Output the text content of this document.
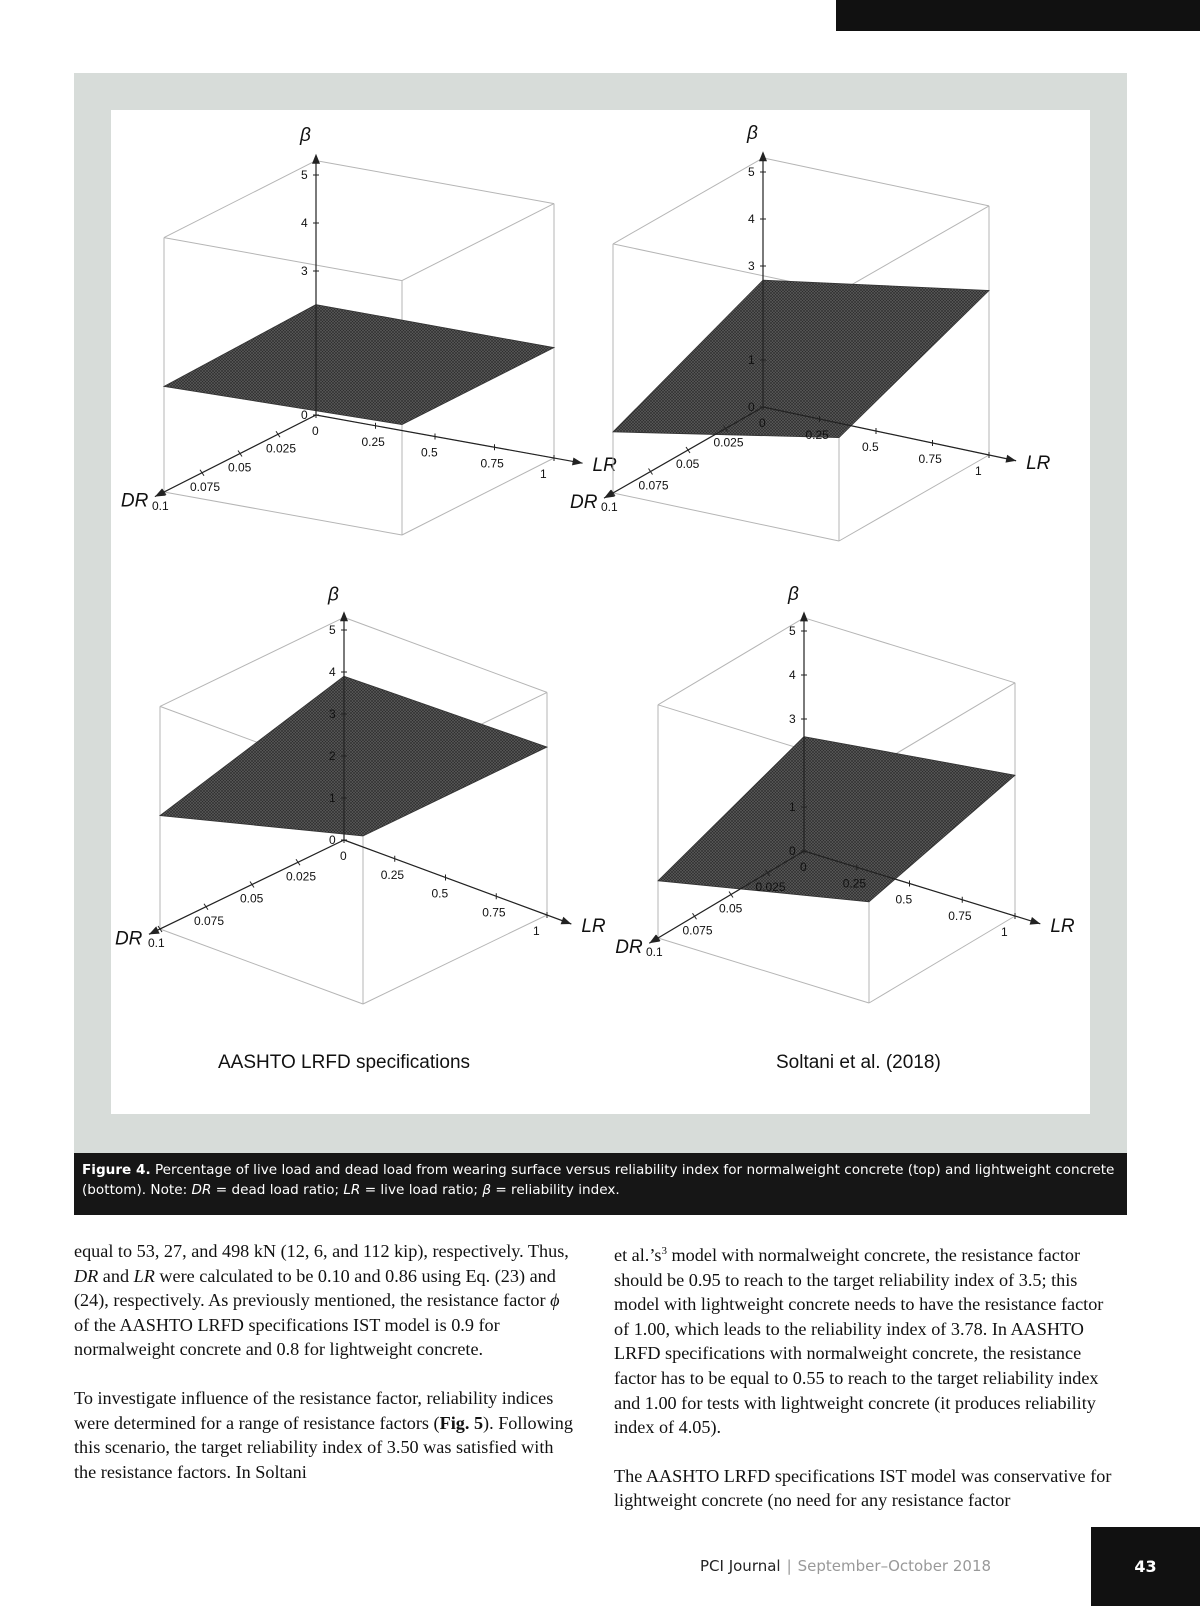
β
LR
DR
0
3
4
5
0
0.25
0.5
0.75
1
0.025
0.05
0.075
0.1
β
LR
DR
0
1
3
4
5
0
0.25
0.5
0.75
1
0.025
0.05
0.075
0.1
β
LR
DR
0
1
2
3
4
5
0
0.25
0.5
0.75
1
0.025
0.05
0.075
0.1
β
LR
DR
0
1
3
4
5
0
0.25
0.5
0.75
1
0.025
0.05
0.075
0.1
AASHTO LRFD specifications	Soltani et al. (2018)
Figure 4. Percentage of live load and dead load from wearing surface versus reliability index for normalweight concrete (top) and lightweight concrete (bottom). Note: DR = dead load ratio; LR = live load ratio; β = reliability index.

equal to 53, 27, and 498 kN (12, 6, and 112 kip), respectively. Thus, DR and LR were calculated to be 0.10 and 0.86 using Eq. (23) and (24), respectively. As previously mentioned, the resistance factor ϕ of the AASHTO LRFD specifications IST model is 0.9 for normalweight concrete and 0.8 for lightweight concrete.

To investigate influence of the resistance factor, reliability indices were determined for a range of resistance factors (Fig. 5). Following this scenario, the target reliability index of 3.50 was satisfied with the resistance factors. In Soltani

et $al.’s^3$ model with normalweight concrete, the resistance factor should be 0.95 to reach to the target reliability index of 3.5; this model with lightweight concrete needs to have the resistance factor of 1.00, which leads to the reliability index of 3.78. In AASHTO LRFD specifications with normalweight concrete, the resistance factor has to be equal to 0.55 to reach to the target reliability index and 1.00 for tests with lightweight concrete (it produces reliability index of 4.05).

The AASHTO LRFD specifications IST model was conservative for lightweight concrete (no need for any resistance factor

PCI Journal | September–October 2018	43
